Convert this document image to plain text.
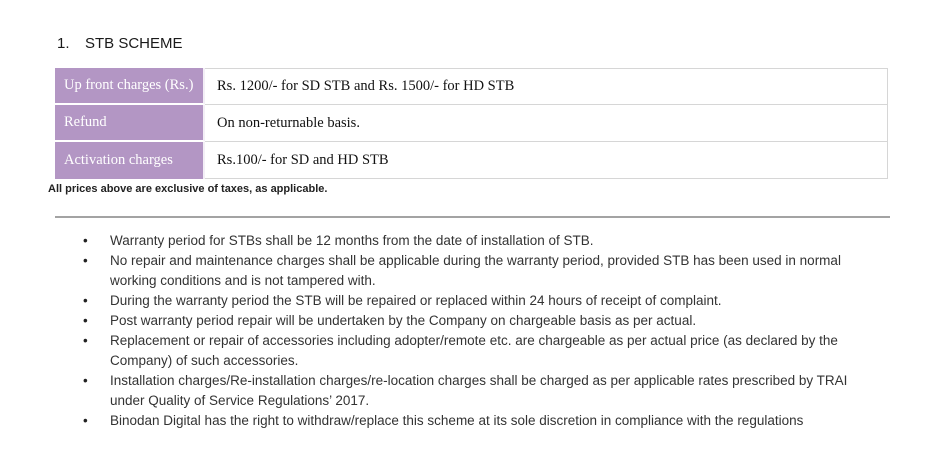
1.	STB SCHEME
Up front charges (Rs.)	Rs. 1200/- for SD STB and Rs. 1500/- for HD STB
Refund	On non-returnable basis.
Activation charges	Rs.100/- for SD and HD STB
All prices above are exclusive of taxes, as applicable.
• Warranty period for STBs shall be 12 months from the date of installation of STB.
• No repair and maintenance charges shall be applicable during the warranty period, provided STB has been used in normal working conditions and is not tampered with.
• During the warranty period the STB will be repaired or replaced within 24 hours of receipt of complaint.
• Post warranty period repair will be undertaken by the Company on chargeable basis as per actual.
• Replacement or repair of accessories including adopter/remote etc. are chargeable as per actual price (as declared by the Company) of such accessories.
• Installation charges/Re-installation charges/re-location charges shall be charged as per applicable rates prescribed by TRAI under Quality of Service Regulations’ 2017.
• Binodan Digital has the right to withdraw/replace this scheme at its sole discretion in compliance with the regulations
